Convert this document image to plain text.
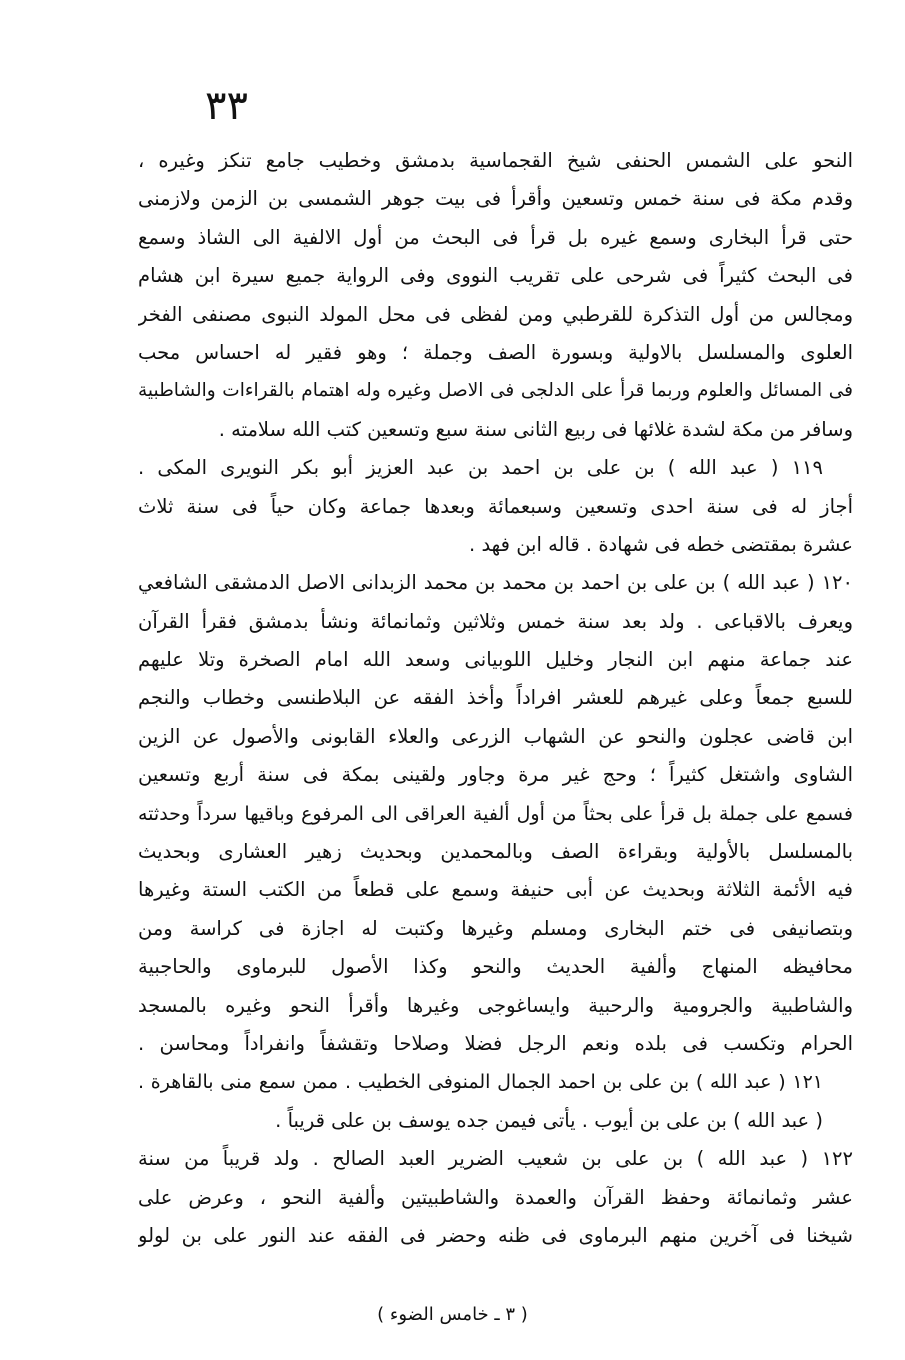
٣٣
النحو على الشمس الحنفى شيخ القجماسية بدمشق وخطيب جامع تنكز وغيره ،
وقدم مكة فى سنة خمس وتسعين وأقرأ فى بيت جوهر الشمسى بن الزمن ولازمنى
حتى قرأ البخارى وسمع غيره بل قرأ فى البحث من أول الالفية الى الشاذ وسمع
فى البحث كثيراً فى شرحى على تقريب النووى وفى الرواية جميع سيرة ابن هشام
ومجالس من أول التذكرة للقرطبي ومن لفظى فى محل المولد النبوى مصنفى الفخر
العلوى والمسلسل بالاولية وبسورة الصف وجملة ؛ وهو فقير له احساس محب
فى المسائل والعلوم وربما قرأ على الدلجى فى الاصل وغيره وله اهتمام بالقراءات والشاطبية
وسافر من مكة لشدة غلائها فى ربيع الثانى سنة سبع وتسعين كتب الله سلامته .
١١٩ ( عبد الله ) بن على بن احمد بن عبد العزيز أبو بكر النويرى المكى .
أجاز له فى سنة احدى وتسعين وسبعمائة وبعدها جماعة وكان حياً فى سنة ثلاث
عشرة بمقتضى خطه فى شهادة . قاله ابن فهد .
١٢٠ ( عبد الله ) بن على بن احمد بن محمد بن محمد الزبدانى الاصل الدمشقى الشافعي
ويعرف بالاقباعى . ولد بعد سنة خمس وثلاثين وثمانمائة ونشأ بدمشق فقرأ القرآن
عند جماعة منهم ابن النجار وخليل اللوبيانى وسعد الله امام الصخرة وتلا عليهم
للسبع جمعاً وعلى غيرهم للعشر افراداً وأخذ الفقه عن البلاطنسى وخطاب والنجم
ابن قاضى عجلون والنحو عن الشهاب الزرعى والعلاء القابونى والأصول عن الزين
الشاوى واشتغل كثيراً ؛ وحج غير مرة وجاور ولقينى بمكة فى سنة أربع وتسعين
فسمع على جملة بل قرأ على بحثاً من أول ألفية العراقى الى المرفوع وباقيها سرداً وحدثته
بالمسلسل بالأولية وبقراءة الصف وبالمحمدين وبحديث زهير العشارى وبحديث
فيه الأئمة الثلاثة وبحديث عن أبى حنيفة وسمع على قطعاً من الكتب الستة وغيرها
وبتصانيفى فى ختم البخارى ومسلم وغيرها وكتبت له اجازة فى كراسة ومن
محافيظه المنهاج وألفية الحديث والنحو وكذا الأصول للبرماوى والحاجبية
والشاطبية والجرومية والرحبية وايساغوجى وغيرها وأقرأ النحو وغيره بالمسجد
الحرام وتكسب فى بلده ونعم الرجل فضلا وصلاحا وتقشفاً وانفراداً ومحاسن .
١٢١ ( عبد الله ) بن على بن احمد الجمال المنوفى الخطيب . ممن سمع منى بالقاهرة .
( عبد الله ) بن على بن أيوب . يأتى فيمن جده يوسف بن على قريباً .
١٢٢ ( عبد الله ) بن على بن شعيب الضرير العبد الصالح . ولد قريباً من سنة
عشر وثمانمائة وحفظ القرآن والعمدة والشاطبيتين وألفية النحو ، وعرض على
شيخنا فى آخرين منهم البرماوى فى ظنه وحضر فى الفقه عند النور على بن لولو
( ٣ ـ خامس الضوء )
